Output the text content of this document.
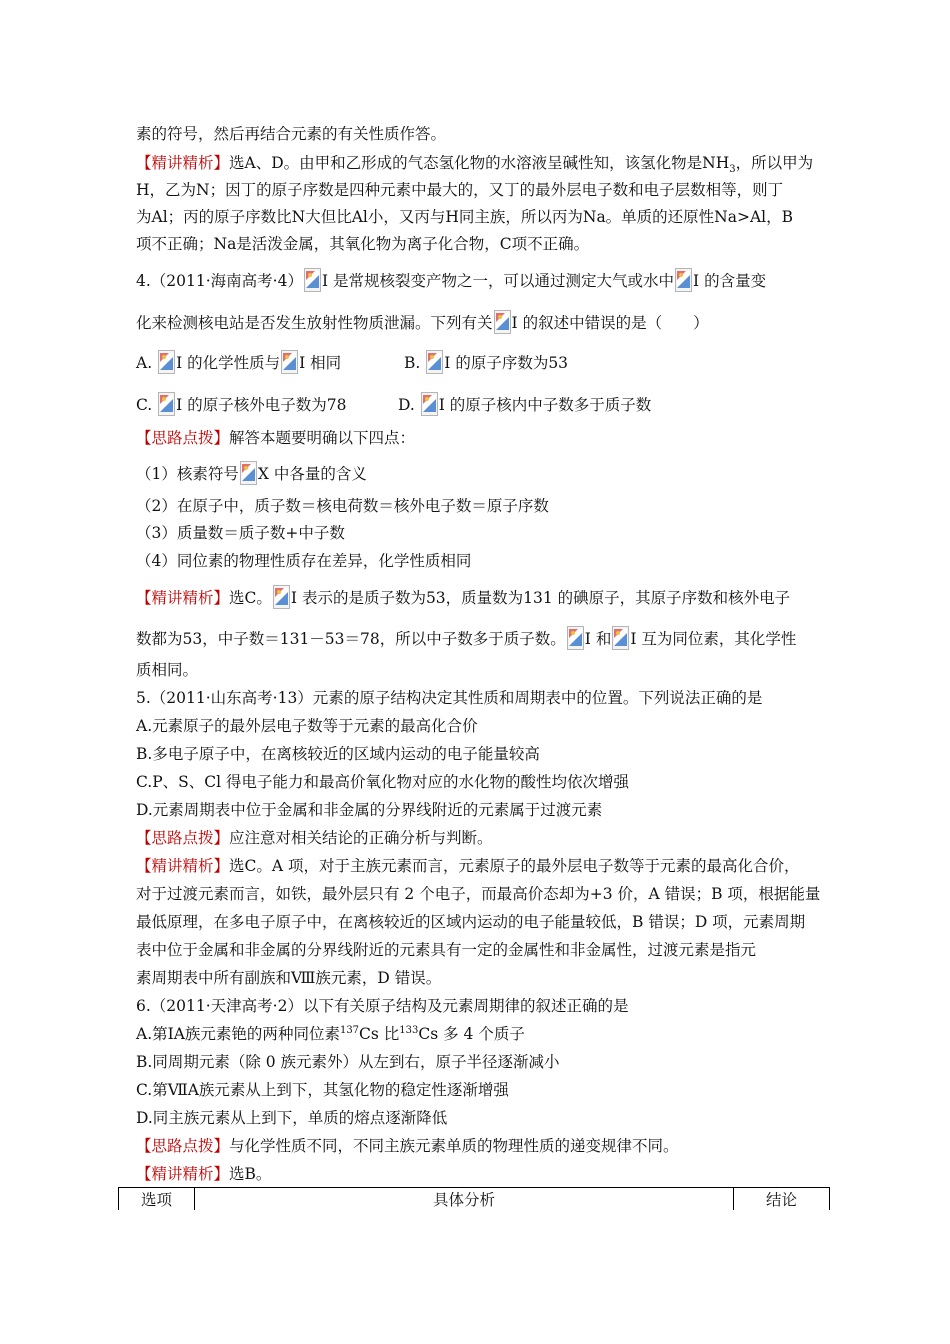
素的符号，然后再结合元素的有关性质作答。
【精讲精析】选A、D。由甲和乙形成的气态氢化物的水溶液呈碱性知，该氢化物是$NH_3$，所以甲为
H，乙为N；因丁的原子序数是四种元素中最大的，又丁的最外层电子数和电子层数相等，则丁
为Al；丙的原子序数比N大但比Al小，又丙与H同主族，所以丙为Na。单质的还原性Na>Al，B
项不正确；Na是活泼金属，其氧化物为离子化合物，C项不正确。
4.（2011·海南高考·4） I 是常规核裂变产物之一，可以通过测定大气或水中 I 的含量变
化来检测核电站是否发生放射性物质泄漏。下列有关 I 的叙述中错误的是（　　）
A. I 的化学性质与 I 相同	B. I 的原子序数为53
C. I 的原子核外电子数为78	D. I 的原子核内中子数多于质子数
【思路点拨】解答本题要明确以下四点：
（1）核素符号 X 中各量的含义
（2）在原子中，质子数＝核电荷数＝核外电子数＝原子序数
（3）质量数＝质子数+中子数
（4）同位素的物理性质存在差异，化学性质相同
【精讲精析】选C。 I 表示的是质子数为53，质量数为131 的碘原子，其原子序数和核外电子
数都为53，中子数＝131－53＝78，所以中子数多于质子数。 I 和 I 互为同位素，其化学性
质相同。
5.（2011·山东高考·13）元素的原子结构决定其性质和周期表中的位置。下列说法正确的是
A.元素原子的最外层电子数等于元素的最高化合价
B.多电子原子中，在离核较近的区域内运动的电子能量较高
C.P、S、Cl 得电子能力和最高价氧化物对应的水化物的酸性均依次增强
D.元素周期表中位于金属和非金属的分界线附近的元素属于过渡元素
【思路点拨】应注意对相关结论的正确分析与判断。
【精讲精析】选C。A 项，对于主族元素而言，元素原子的最外层电子数等于元素的最高化合价，
对于过渡元素而言，如铁，最外层只有 2 个电子，而最高价态却为+3 价，A 错误；B 项，根据能量
最低原理，在多电子原子中，在离核较近的区域内运动的电子能量较低，B 错误；D 项，元素周期
表中位于金属和非金属的分界线附近的元素具有一定的金属性和非金属性，过渡元素是指元
素周期表中所有副族和Ⅷ族元素，D 错误。
6.（2011·天津高考·2）以下有关原子结构及元素周期律的叙述正确的是
A.第ⅠA族元素铯的两种同位素$^{137}$Cs 比$^{133}$Cs 多 4 个质子
B.同周期元素（除 0 族元素外）从左到右，原子半径逐渐减小
C.第ⅦA族元素从上到下，其氢化物的稳定性逐渐增强
D.同主族元素从上到下，单质的熔点逐渐降低
【思路点拨】与化学性质不同，不同主族元素单质的物理性质的递变规律不同。
【精讲精析】选B。
选项	具体分析	结论
